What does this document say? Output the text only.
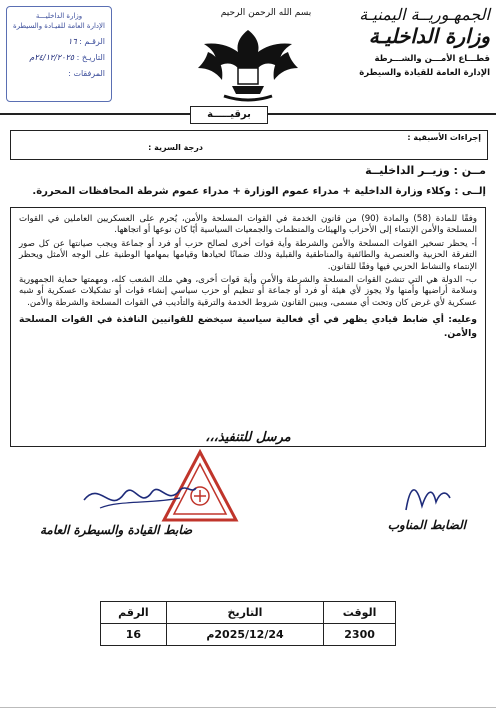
وزارة الداخليـــة
الإدارة العامة للقيـادة والسيطرة
الرقـم : ١٦
التاريـخ : ٢٤/١٢/٢٠٢٥م
المرفقات :
بسم الله الرحمن الرحيم	الجمهـوريــة اليمنيـة
وزارة الداخليـة
قطـــاع الأمـــن والشـــرطة
الإدارة العامة للقيادة والسيطرة
برقيـــــة
إجراءات الأسبقية :
درجة السرية :
مــن : وزيــر الداخليــة
إلــى : وكلاء وزارة الداخلية + مدراء عموم الوزارة + مدراء عموم شرطة المحافظات المحررة.

وفقًا للمادة (58) والمادة (90) من قانون الخدمة في القوات المسلحة والأمن، يُحرم على العسكريين العاملين في القوات المسلحة والأمن الإنتماء إلى الأحزاب والهيئات والمنظمات والجمعيات السياسية أيًا كان نوعها أو اتجاهها.

أ- يحظر تسخير القوات المسلحة والأمن والشرطة وأية قوات أخرى لصالح حزب أو فرد أو جماعة ويجب صيانتها عن كل صور التفرقة الحزبية والعنصرية والطائفية والمناطقية والقبلية وذلك ضمانًا لحيادها وقيامها بمهامها الوطنية على الوجه الأمثل ويحظر الإنتماء والنشاط الحزبي فيها وفقًا للقانون.

ب- الدولة هي التي تنشئ القوات المسلحة والشرطة والأمن وأية قوات أخرى، وهي ملك الشعب كله، ومهمتها حماية الجمهورية وسلامة أراضيها وأمنها ولا يجوز لأي هيئة أو فرد أو جماعة أو تنظيم أو حزب سياسي إنشاء قوات أو تشكيلات عسكرية أو شبه عسكرية لأي غرض كان وتحت أي مسمى، ويبين القانون شروط الخدمة والترقية والتأديب في القوات المسلحة والشرطة والأمن.

وعليه: أي ضابط قيادي يظهر في أي فعالية سياسية سيخضع للقوانيين النافذة في القوات المسلحة والأمن.

مرسل للتنفيذ،،،
ضابط القيادة والسيطرة العامة	الضابط المناوب
الوقت	التاريخ	الرقم
2300	2025/12/24م	16
